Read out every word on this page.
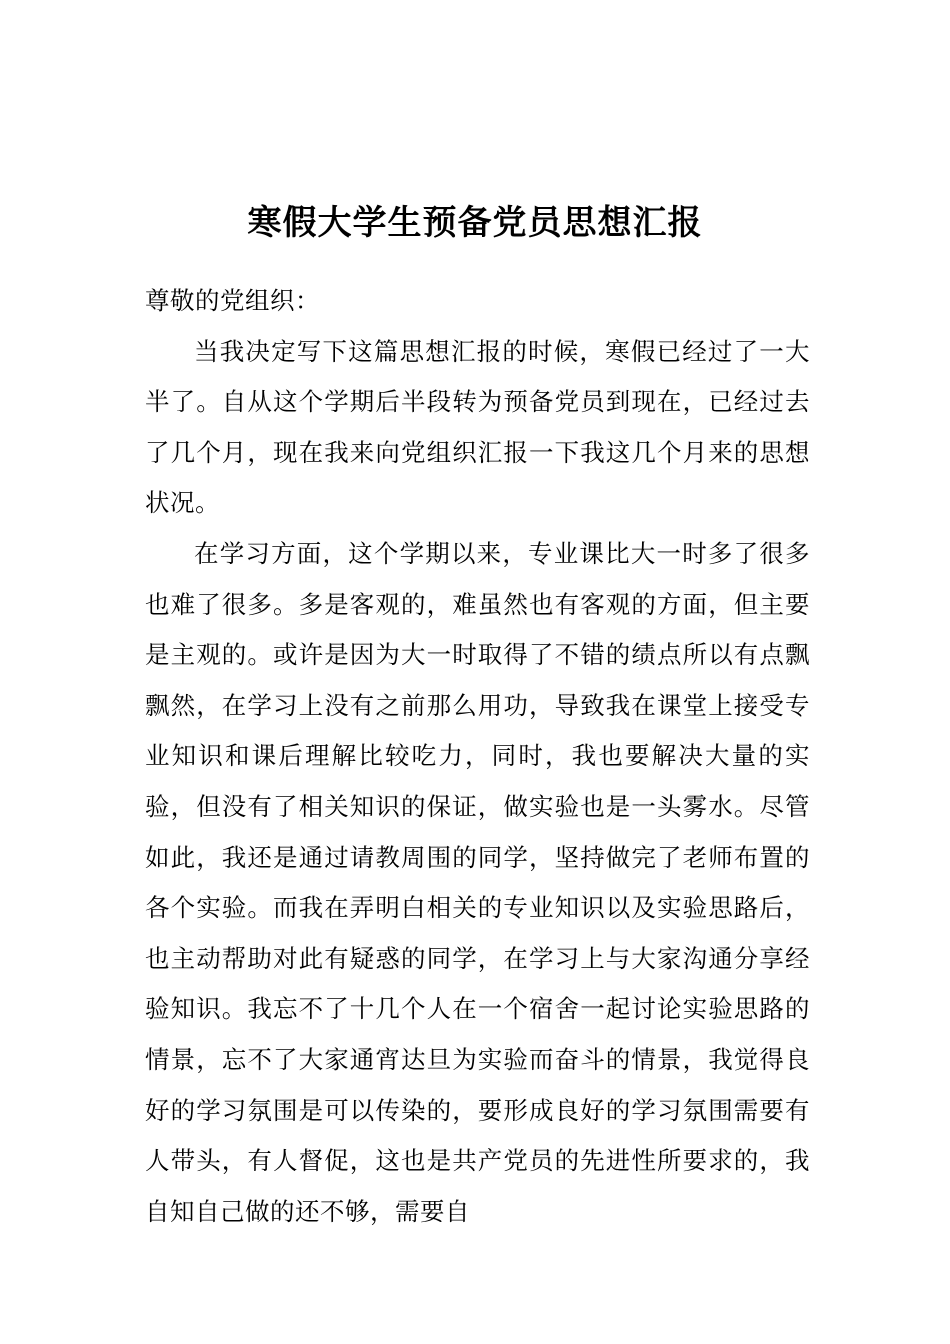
寒假大学生预备党员思想汇报

尊敬的党组织：

当我决定写下这篇思想汇报的时候，寒假已经过了一大半了。自从这个学期后半段转为预备党员到现在，已经过去了几个月，现在我来向党组织汇报一下我这几个月来的思想状况。

在学习方面，这个学期以来，专业课比大一时多了很多也难了很多。多是客观的，难虽然也有客观的方面，但主要是主观的。或许是因为大一时取得了不错的绩点所以有点飘飘然，在学习上没有之前那么用功，导致我在课堂上接受专业知识和课后理解比较吃力，同时，我也要解决大量的实验，但没有了相关知识的保证，做实验也是一头雾水。尽管如此，我还是通过请教周围的同学，坚持做完了老师布置的各个实验。而我在弄明白相关的专业知识以及实验思路后，也主动帮助对此有疑惑的同学，在学习上与大家沟通分享经验知识。我忘不了十几个人在一个宿舍一起讨论实验思路的情景，忘不了大家通宵达旦为实验而奋斗的情景，我觉得良好的学习氛围是可以传染的，要形成良好的学习氛围需要有人带头，有人督促，这也是共产党员的先进性所要求的，我自知自己做的还不够，需要自
